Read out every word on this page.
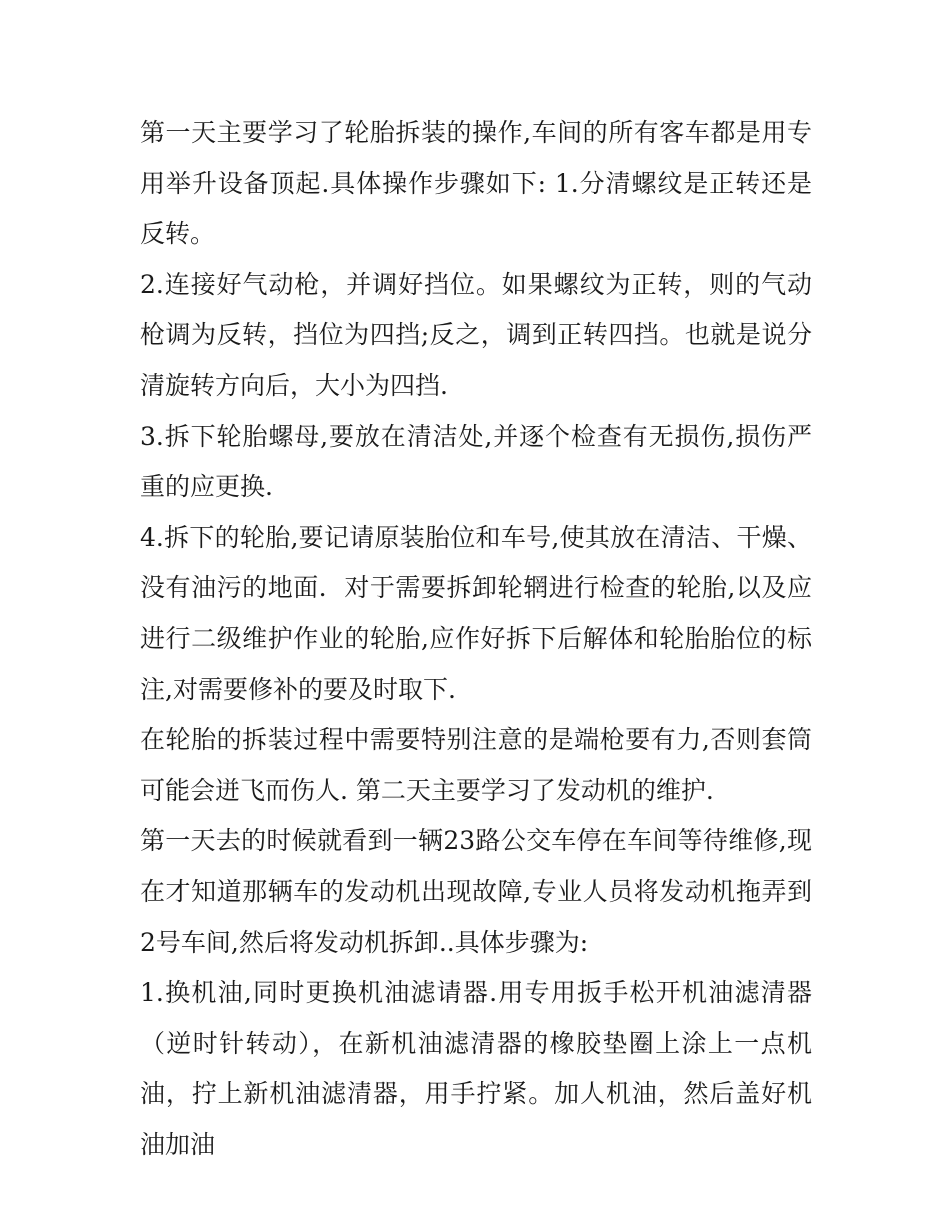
第一天主要学习了轮胎拆装的操作,车间的所有客车都是用专用举升设备顶起.具体操作步骤如下: 1.分清螺纹是正转还是反转。

2.连接好气动枪，并调好挡位。如果螺纹为正转，则的气动枪调为反转，挡位为四挡;反之，调到正转四挡。也就是说分清旋转方向后，大小为四挡.

3.拆下轮胎螺母,要放在清洁处,并逐个检查有无损伤,损伤严重的应更换.

4.拆下的轮胎,要记请原装胎位和车号,使其放在清洁、干燥、没有油污的地面．对于需要拆卸轮辋进行检查的轮胎,以及应进行二级维护作业的轮胎,应作好拆下后解体和轮胎胎位的标注,对需要修补的要及时取下.

在轮胎的拆装过程中需要特别注意的是端枪要有力,否则套筒可能会迸飞而伤人. 第二天主要学习了发动机的维护.

第一天去的时候就看到一辆23路公交车停在车间等待维修,现在才知道那辆车的发动机出现故障,专业人员将发动机拖弄到2号车间,然后将发动机拆卸..具体步骤为:

1.换机油,同时更换机油滤请器.用专用扳手松开机油滤清器（逆时针转动），在新机油滤清器的橡胶垫圈上涂上一点机油，拧上新机油滤清器，用手拧紧。加人机油，然后盖好机油加油
